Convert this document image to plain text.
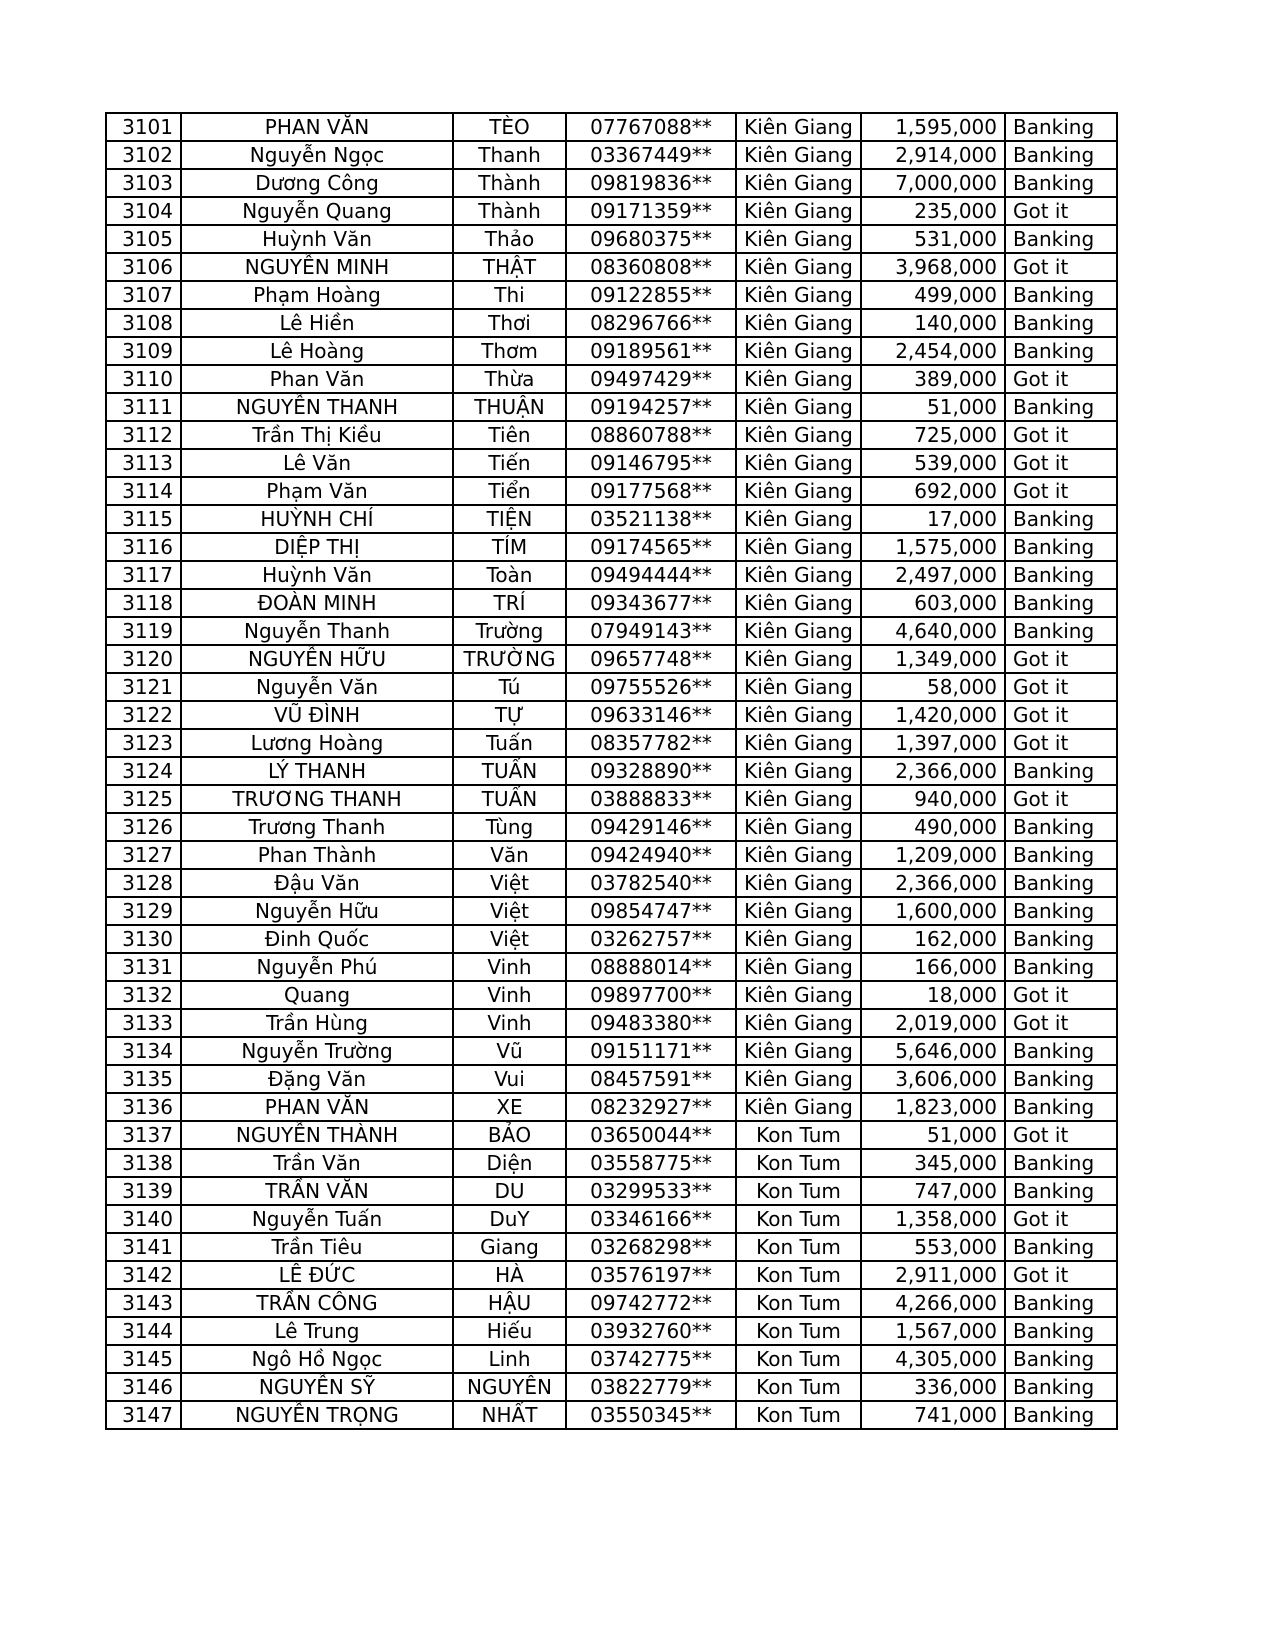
3101	PHAN VĂN	TÈO	07767088**	Kiên Giang	1,595,000	Banking
3102	Nguyễn Ngọc	Thanh	03367449**	Kiên Giang	2,914,000	Banking
3103	Dương Công	Thành	09819836**	Kiên Giang	7,000,000	Banking
3104	Nguyễn Quang	Thành	09171359**	Kiên Giang	235,000	Got it
3105	Huỳnh Văn	Thảo	09680375**	Kiên Giang	531,000	Banking
3106	NGUYỄN MINH	THẬT	08360808**	Kiên Giang	3,968,000	Got it
3107	Phạm Hoàng	Thi	09122855**	Kiên Giang	499,000	Banking
3108	Lê Hiền	Thơi	08296766**	Kiên Giang	140,000	Banking
3109	Lê Hoàng	Thơm	09189561**	Kiên Giang	2,454,000	Banking
3110	Phan Văn	Thừa	09497429**	Kiên Giang	389,000	Got it
3111	NGUYỄN THANH	THUẬN	09194257**	Kiên Giang	51,000	Banking
3112	Trần Thị Kiều	Tiên	08860788**	Kiên Giang	725,000	Got it
3113	Lê Văn	Tiến	09146795**	Kiên Giang	539,000	Got it
3114	Phạm Văn	Tiển	09177568**	Kiên Giang	692,000	Got it
3115	HUỲNH CHÍ	TIỆN	03521138**	Kiên Giang	17,000	Banking
3116	DIỆP THỊ	TÍM	09174565**	Kiên Giang	1,575,000	Banking
3117	Huỳnh Văn	Toàn	09494444**	Kiên Giang	2,497,000	Banking
3118	ĐOÀN MINH	TRÍ	09343677**	Kiên Giang	603,000	Banking
3119	Nguyễn Thanh	Trường	07949143**	Kiên Giang	4,640,000	Banking
3120	NGUYỄN HỮU	TRƯỜNG	09657748**	Kiên Giang	1,349,000	Got it
3121	Nguyễn Văn	Tú	09755526**	Kiên Giang	58,000	Got it
3122	VŨ ĐÌNH	TỰ	09633146**	Kiên Giang	1,420,000	Got it
3123	Lương Hoàng	Tuấn	08357782**	Kiên Giang	1,397,000	Got it
3124	LÝ THANH	TUẤN	09328890**	Kiên Giang	2,366,000	Banking
3125	TRƯƠNG THANH	TUẤN	03888833**	Kiên Giang	940,000	Got it
3126	Trương Thanh	Tùng	09429146**	Kiên Giang	490,000	Banking
3127	Phan Thành	Văn	09424940**	Kiên Giang	1,209,000	Banking
3128	Đậu Văn	Việt	03782540**	Kiên Giang	2,366,000	Banking
3129	Nguyễn Hữu	Việt	09854747**	Kiên Giang	1,600,000	Banking
3130	Đinh Quốc	Việt	03262757**	Kiên Giang	162,000	Banking
3131	Nguyễn Phú	Vinh	08888014**	Kiên Giang	166,000	Banking
3132	Quang	Vinh	09897700**	Kiên Giang	18,000	Got it
3133	Trần Hùng	Vinh	09483380**	Kiên Giang	2,019,000	Got it
3134	Nguyễn Trường	Vũ	09151171**	Kiên Giang	5,646,000	Banking
3135	Đặng Văn	Vui	08457591**	Kiên Giang	3,606,000	Banking
3136	PHAN VĂN	XE	08232927**	Kiên Giang	1,823,000	Banking
3137	NGUYỄN THÀNH	BẢO	03650044**	Kon Tum	51,000	Got it
3138	Trần Văn	Diện	03558775**	Kon Tum	345,000	Banking
3139	TRẦN VĂN	DU	03299533**	Kon Tum	747,000	Banking
3140	Nguyễn Tuấn	DuY	03346166**	Kon Tum	1,358,000	Got it
3141	Trần Tiêu	Giang	03268298**	Kon Tum	553,000	Banking
3142	LÊ ĐỨC	HÀ	03576197**	Kon Tum	2,911,000	Got it
3143	TRẦN CÔNG	HẬU	09742772**	Kon Tum	4,266,000	Banking
3144	Lê Trung	Hiếu	03932760**	Kon Tum	1,567,000	Banking
3145	Ngô Hồ Ngọc	Linh	03742775**	Kon Tum	4,305,000	Banking
3146	NGUYỄN SỸ	NGUYÊN	03822779**	Kon Tum	336,000	Banking
3147	NGUYỄN TRỌNG	NHẤT	03550345**	Kon Tum	741,000	Banking
